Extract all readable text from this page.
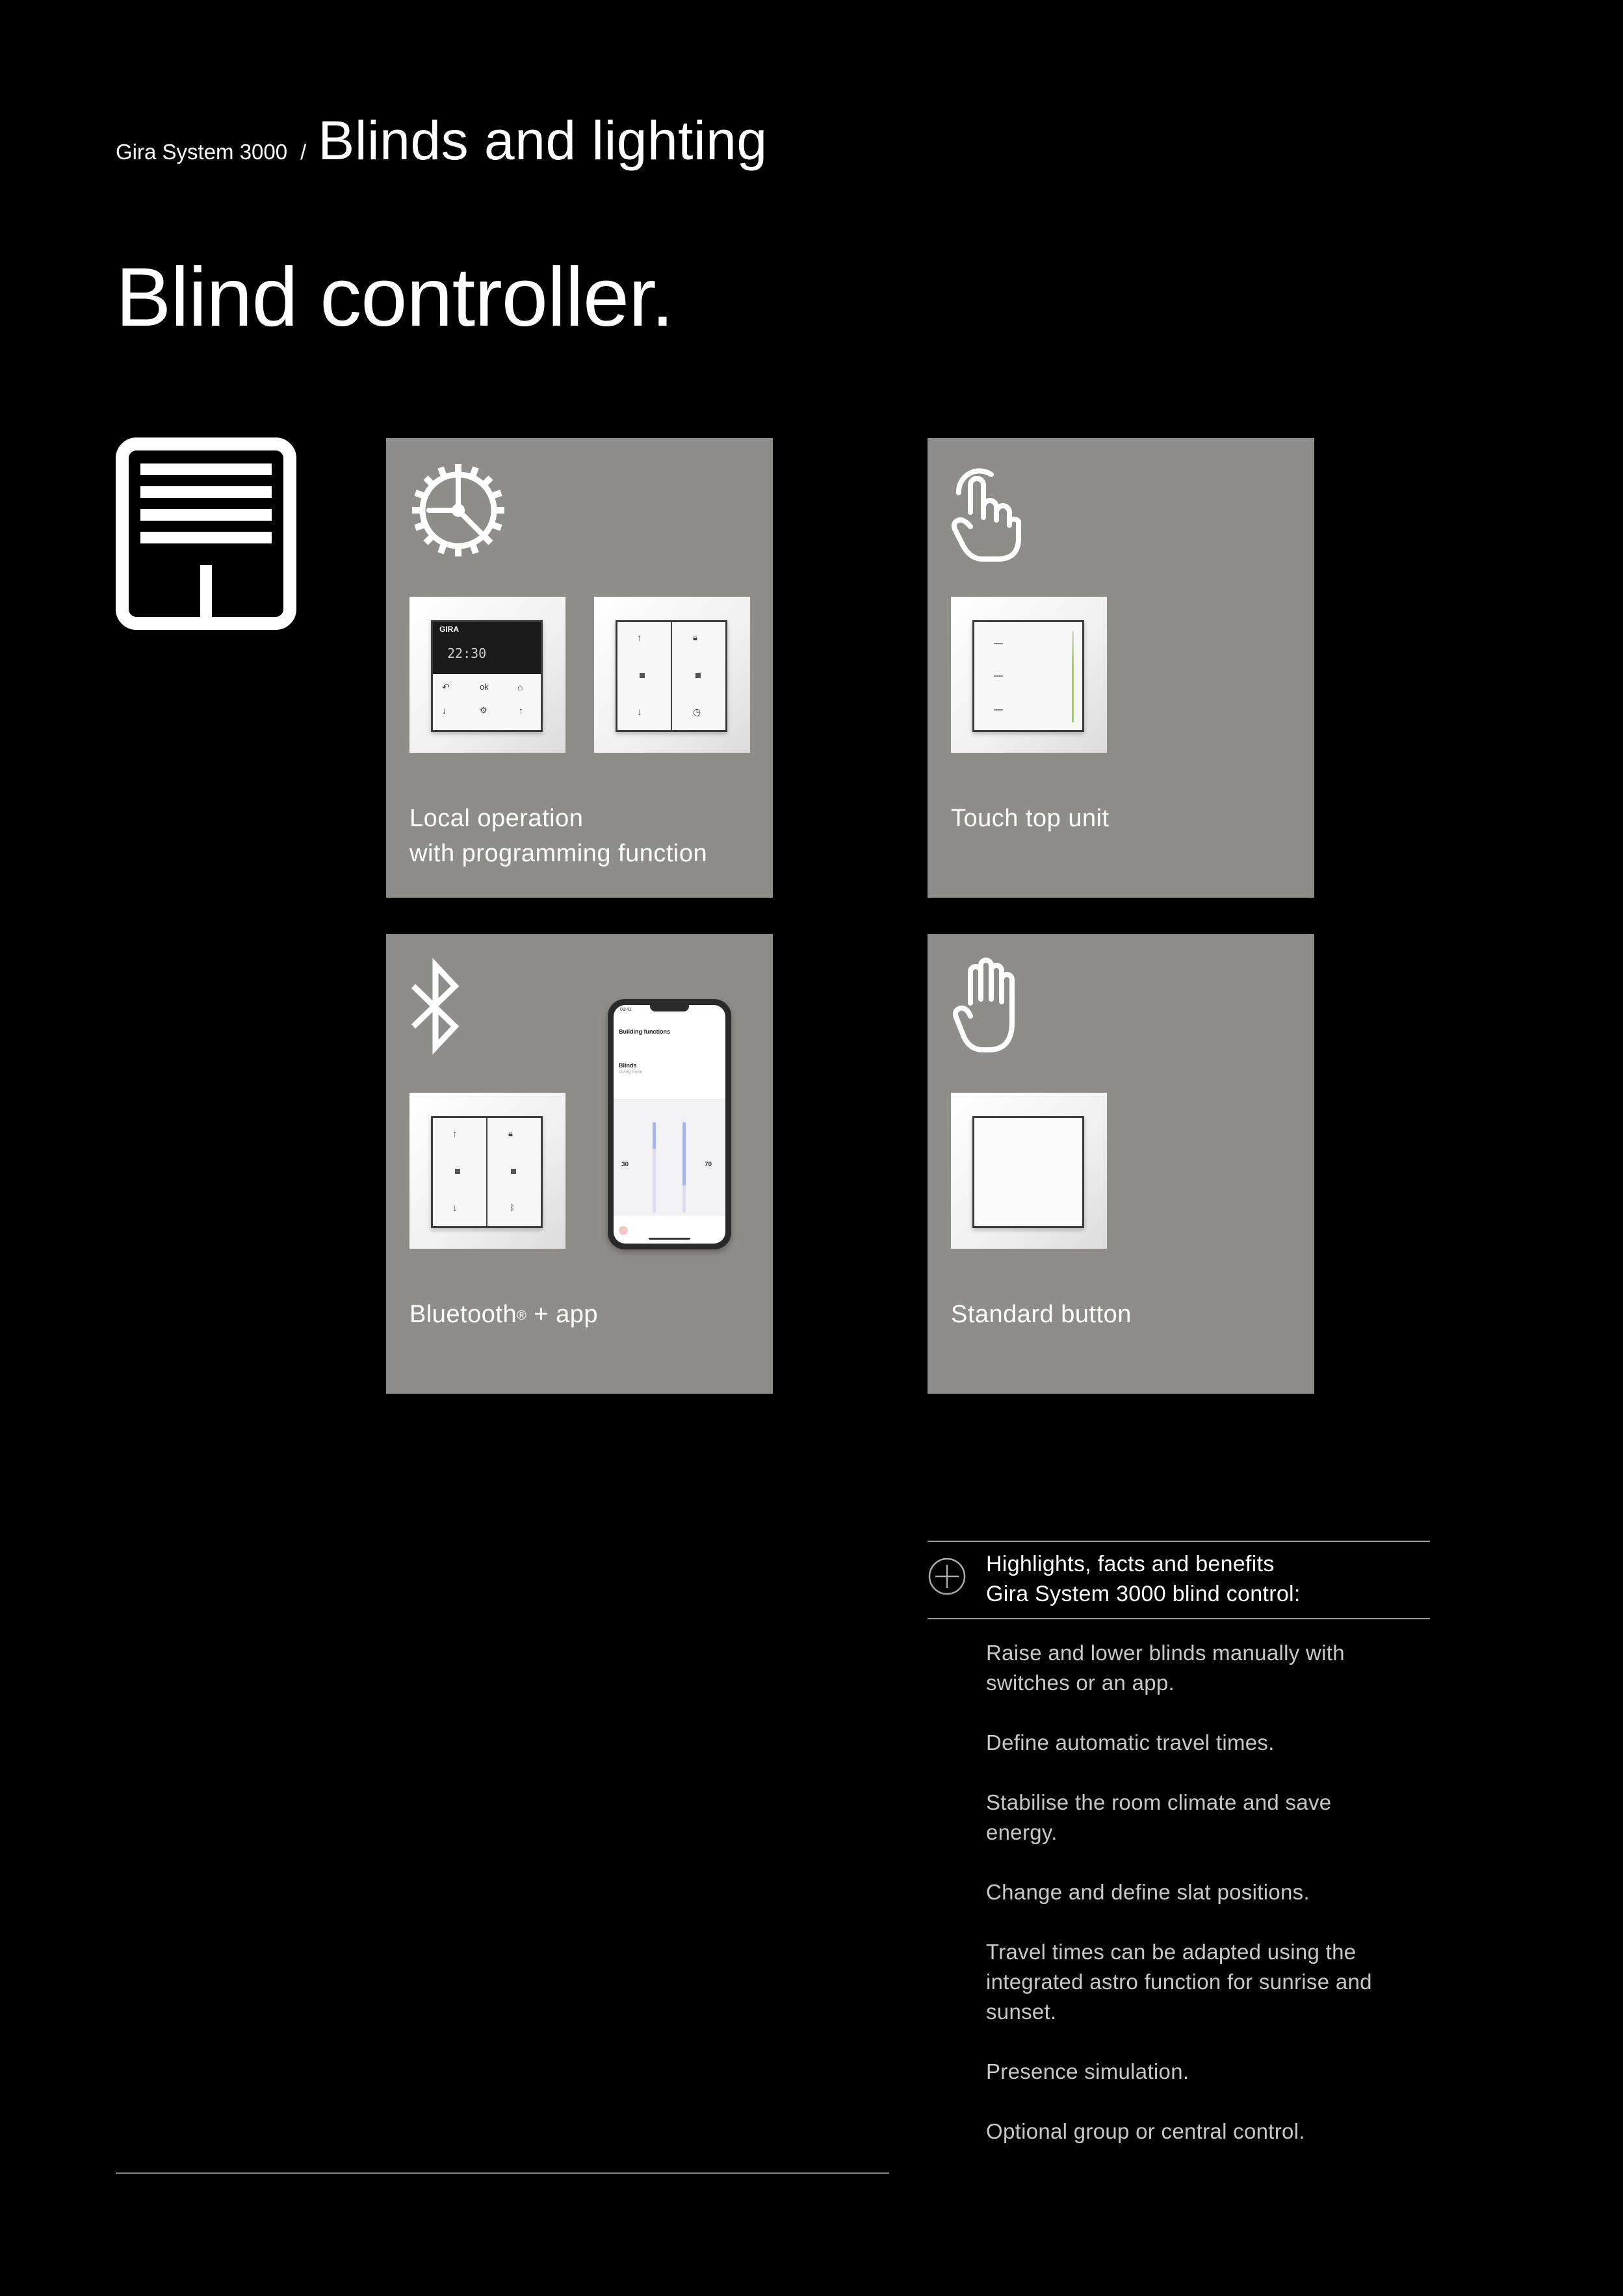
Gira System 3000 / Blinds and lighting
Blind controller.
GIRA
22:30
↶	ok	⌂
↓	⚙	↑
↑	🔒︎
↓	◷
Local operation
with programming function
Touch top unit
↑	🔒︎
↓	ᛒ
09:41
Building functions
Blinds
Living room
30	70
Bluetooth® + app	Standard button
Highlights, facts and benefits
Gira System 3000 blind control:
Raise and lower blinds manually with switches or an app.
Define automatic travel times.
Stabilise the room climate and save energy.
Change and define slat positions.
Travel times can be adapted using the integrated astro function for sunrise and sunset.
Presence simulation.
Optional group or central control.
